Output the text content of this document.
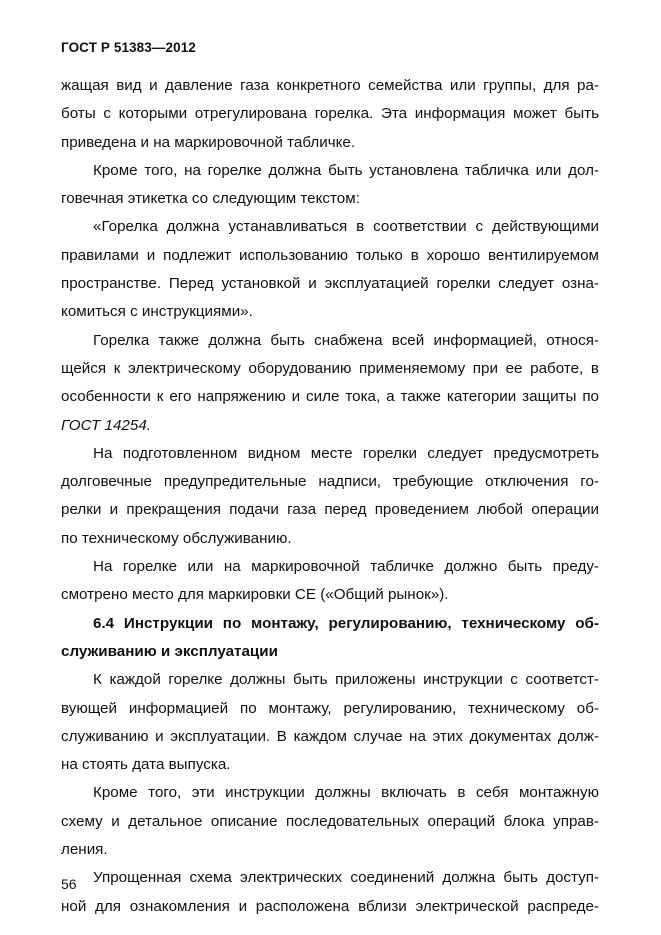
ГОСТ Р 51383—2012
жащая вид и давление газа конкретного семейства или группы, для ра-
боты с которыми отрегулирована горелка. Эта информация может быть
приведена и на маркировочной табличке.
Кроме того, на горелке должна быть установлена табличка или дол-
говечная этикетка со следующим текстом:
«Горелка должна устанавливаться в соответствии с действующими
правилами и подлежит использованию только в хорошо вентилируемом
пространстве. Перед установкой и эксплуатацией горелки следует озна-
комиться с инструкциями».
Горелка также должна быть снабжена всей информацией, относя-
щейся к электрическому оборудованию применяемому при ее работе, в
особенности к его напряжению и силе тока, а также категории защиты по
ГОСТ 14254.
На подготовленном видном месте горелки следует предусмотреть
долговечные предупредительные надписи, требующие отключения го-
релки и прекращения подачи газа перед проведением любой операции
по техническому обслуживанию.
На горелке или на маркировочной табличке должно быть преду-
смотрено место для маркировки СЕ («Общий рынок»).
6.4 Инструкции по монтажу, регулированию, техническому об-
служиванию и эксплуатации
К каждой горелке должны быть приложены инструкции с соответст-
вующей информацией по монтажу, регулированию, техническому об-
служиванию и эксплуатации. В каждом случае на этих документах долж-
на стоять дата выпуска.
Кроме того, эти инструкции должны включать в себя монтажную
схему и детальное описание последовательных операций блока управ-
ления.
Упрощенная схема электрических соединений должна быть доступ-
ной для ознакомления и расположена вблизи электрической распреде-
56
